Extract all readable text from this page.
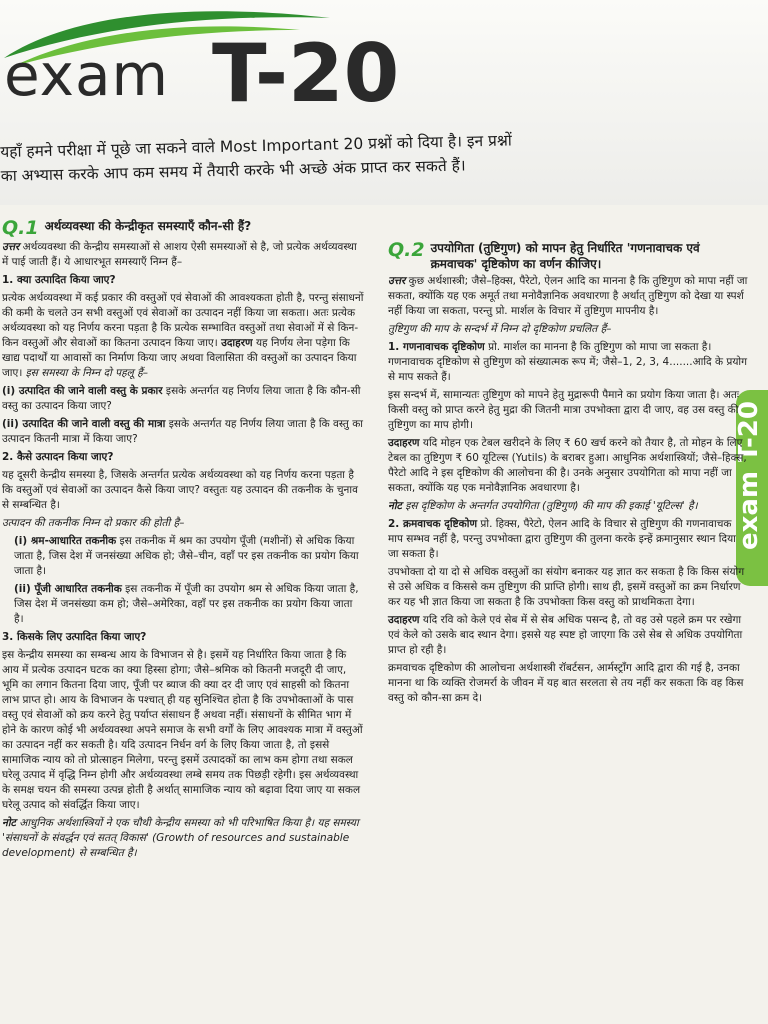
exam T-20
यहाँ हमने परीक्षा में पूछे जा सकने वाले Most Important 20 प्रश्नों को दिया है। इन प्रश्नों
का अभ्यास करके आप कम समय में तैयारी करके भी अच्छे अंक प्राप्त कर सकते हैं।
exam T-20
Q.1 अर्थव्यवस्था की केन्द्रीकृत समस्याएँ कौन-सी हैं?

उत्तर अर्थव्यवस्था की केन्द्रीय समस्याओं से आशय ऐसी समस्याओं से है, जो प्रत्येक अर्थव्यवस्था में पाई जाती हैं। ये आधारभूत समस्याएँ निम्न हैं–

1. क्या उत्पादित किया जाए?

प्रत्येक अर्थव्यवस्था में कई प्रकार की वस्तुओं एवं सेवाओं की आवश्यकता होती है, परन्तु संसाधनों की कमी के चलते उन सभी वस्तुओं एवं सेवाओं का उत्पादन नहीं किया जा सकता। अतः प्रत्येक अर्थव्यवस्था को यह निर्णय करना पड़ता है कि प्रत्येक सम्भावित वस्तुओं तथा सेवाओं में से किन-किन वस्तुओं और सेवाओं का कितना उत्पादन किया जाए। उदाहरण यह निर्णय लेना पड़ेगा कि खाद्य पदार्थों या आवासों का निर्माण किया जाए अथवा विलासिता की वस्तुओं का उत्पादन किया जाए। इस समस्या के निम्न दो पहलू हैं–

(i) उत्पादित की जाने वाली वस्तु के प्रकार इसके अन्तर्गत यह निर्णय लिया जाता है कि कौन-सी वस्तु का उत्पादन किया जाए?

(ii) उत्पादित की जाने वाली वस्तु की मात्रा इसके अन्तर्गत यह निर्णय लिया जाता है कि वस्तु का उत्पादन कितनी मात्रा में किया जाए?

2. कैसे उत्पादन किया जाए?

यह दूसरी केन्द्रीय समस्या है, जिसके अन्तर्गत प्रत्येक अर्थव्यवस्था को यह निर्णय करना पड़ता है कि वस्तुओं एवं सेवाओं का उत्पादन कैसे किया जाए? वस्तुतः यह उत्पादन की तकनीक के चुनाव से सम्बन्धित है।

उत्पादन की तकनीक निम्न दो प्रकार की होती है–

(i) श्रम-आधारित तकनीक इस तकनीक में श्रम का उपयोग पूँजी (मशीनों) से अधिक किया जाता है, जिस देश में जनसंख्या अधिक हो; जैसे–चीन, वहाँ पर इस तकनीक का प्रयोग किया जाता है।

(ii) पूँजी आधारित तकनीक इस तकनीक में पूँजी का उपयोग श्रम से अधिक किया जाता है, जिस देश में जनसंख्या कम हो; जैसे–अमेरिका, वहाँ पर इस तकनीक का प्रयोग किया जाता है।

3. किसके लिए उत्पादित किया जाए?

इस केन्द्रीय समस्या का सम्बन्ध आय के विभाजन से है। इसमें यह निर्धारित किया जाता है कि आय में प्रत्येक उत्पादन घटक का क्या हिस्सा होगा; जैसे–श्रमिक को कितनी मजदूरी दी जाए, भूमि का लगान कितना दिया जाए, पूँजी पर ब्याज की क्या दर दी जाए एवं साहसी को कितना लाभ प्राप्त हो। आय के विभाजन के पश्चात् ही यह सुनिश्चित होता है कि उपभोक्ताओं के पास वस्तु एवं सेवाओं को क्रय करने हेतु पर्याप्त संसाधन हैं अथवा नहीं। संसाधनों के सीमित भाग में होने के कारण कोई भी अर्थव्यवस्था अपने समाज के सभी वर्गों के लिए आवश्यक मात्रा में वस्तुओं का उत्पादन नहीं कर सकती है। यदि उत्पादन निर्धन वर्ग के लिए किया जाता है, तो इससे सामाजिक न्याय को तो प्रोत्साहन मिलेगा, परन्तु इसमें उत्पादकों का लाभ कम होगा तथा सकल घरेलू उत्पाद में वृद्धि निम्न होगी और अर्थव्यवस्था लम्बे समय तक पिछड़ी रहेगी। इस अर्थव्यवस्था के समक्ष चयन की समस्या उत्पन्न होती है अर्थात् सामाजिक न्याय को बढ़ावा दिया जाए या सकल घरेलू उत्पाद को संवर्द्धित किया जाए।

नोट आधुनिक अर्थशास्त्रियों ने एक चौथी केन्द्रीय समस्या को भी परिभाषित किया है। यह समस्या 'संसाधनों के संवर्द्धन एवं सतत् विकास' (Growth of resources and sustainable development) से सम्बन्धित है।

Q.2 उपयोगिता (तुष्टिगुण) को मापन हेतु निर्धारित 'गणनावाचक एवं क्रमवाचक' दृष्टिकोण का वर्णन कीजिए।

उत्तर कुछ अर्थशास्त्री; जैसे–हिक्स, पैरेटो, ऐलन आदि का मानना है कि तुष्टिगुण को मापा नहीं जा सकता, क्योंकि यह एक अमूर्त तथा मनोवैज्ञानिक अवधारणा है अर्थात् तुष्टिगुण को देखा या स्पर्श नहीं किया जा सकता, परन्तु प्रो. मार्शल के विचार में तुष्टिगुण मापनीय है।

तुष्टिगुण की माप के सन्दर्भ में निम्न दो दृष्टिकोण प्रचलित हैं–

1. गणनावाचक दृष्टिकोण प्रो. मार्शल का मानना है कि तुष्टिगुण को मापा जा सकता है। गणनावाचक दृष्टिकोण से तुष्टिगुण को संख्यात्मक रूप में; जैसे–1, 2, 3, 4.......आदि के प्रयोग से माप सकते हैं।

इस सन्दर्भ में, सामान्यतः तुष्टिगुण को मापने हेतु मुद्रारूपी पैमाने का प्रयोग किया जाता है। अतः किसी वस्तु को प्राप्त करने हेतु मुद्रा की जितनी मात्रा उपभोक्ता द्वारा दी जाए, वह उस वस्तु की तुष्टिगुण का माप होगी।

उदाहरण यदि मोहन एक टेबल खरीदने के लिए ₹ 60 खर्च करने को तैयार है, तो मोहन के लिए टेबल का तुष्टिगुण ₹ 60 यूटिल्स (Yutils) के बराबर हुआ। आधुनिक अर्थशास्त्रियों; जैसे–हिक्स, पैरेटो आदि ने इस दृष्टिकोण की आलोचना की है। उनके अनुसार उपयोगिता को मापा नहीं जा सकता, क्योंकि यह एक मनोवैज्ञानिक अवधारणा है।

नोट इस दृष्टिकोण के अन्तर्गत उपयोगिता (तुष्टिगुण) की माप की इकाई 'यूटिल्स' है।

2. क्रमवाचक दृष्टिकोण प्रो. हिक्स, पैरेटो, ऐलन आदि के विचार से तुष्टिगुण की गणनावाचक माप सम्भव नहीं है, परन्तु उपभोक्ता द्वारा तुष्टिगुण की तुलना करके इन्हें क्रमानुसार स्थान दिया जा सकता है।

उपभोक्ता दो या दो से अधिक वस्तुओं का संयोग बनाकर यह ज्ञात कर सकता है कि किस संयोग से उसे अधिक व किससे कम तुष्टिगुण की प्राप्ति होगी। साथ ही, इसमें वस्तुओं का क्रम निर्धारण कर यह भी ज्ञात किया जा सकता है कि उपभोक्ता किस वस्तु को प्राथमिकता देगा।

उदाहरण यदि रवि को केले एवं सेब में से सेब अधिक पसन्द है, तो वह उसे पहले क्रम पर रखेगा एवं केले को उसके बाद स्थान देगा। इससे यह स्पष्ट हो जाएगा कि उसे सेब से अधिक उपयोगिता प्राप्त हो रही है।

क्रमवाचक दृष्टिकोण की आलोचना अर्थशास्त्री रॉबर्टसन, आर्मस्ट्रॉंग आदि द्वारा की गई है, उनका मानना था कि व्यक्ति रोजमर्रा के जीवन में यह बात सरलता से तय नहीं कर सकता कि वह किस वस्तु को कौन-सा क्रम दे।
